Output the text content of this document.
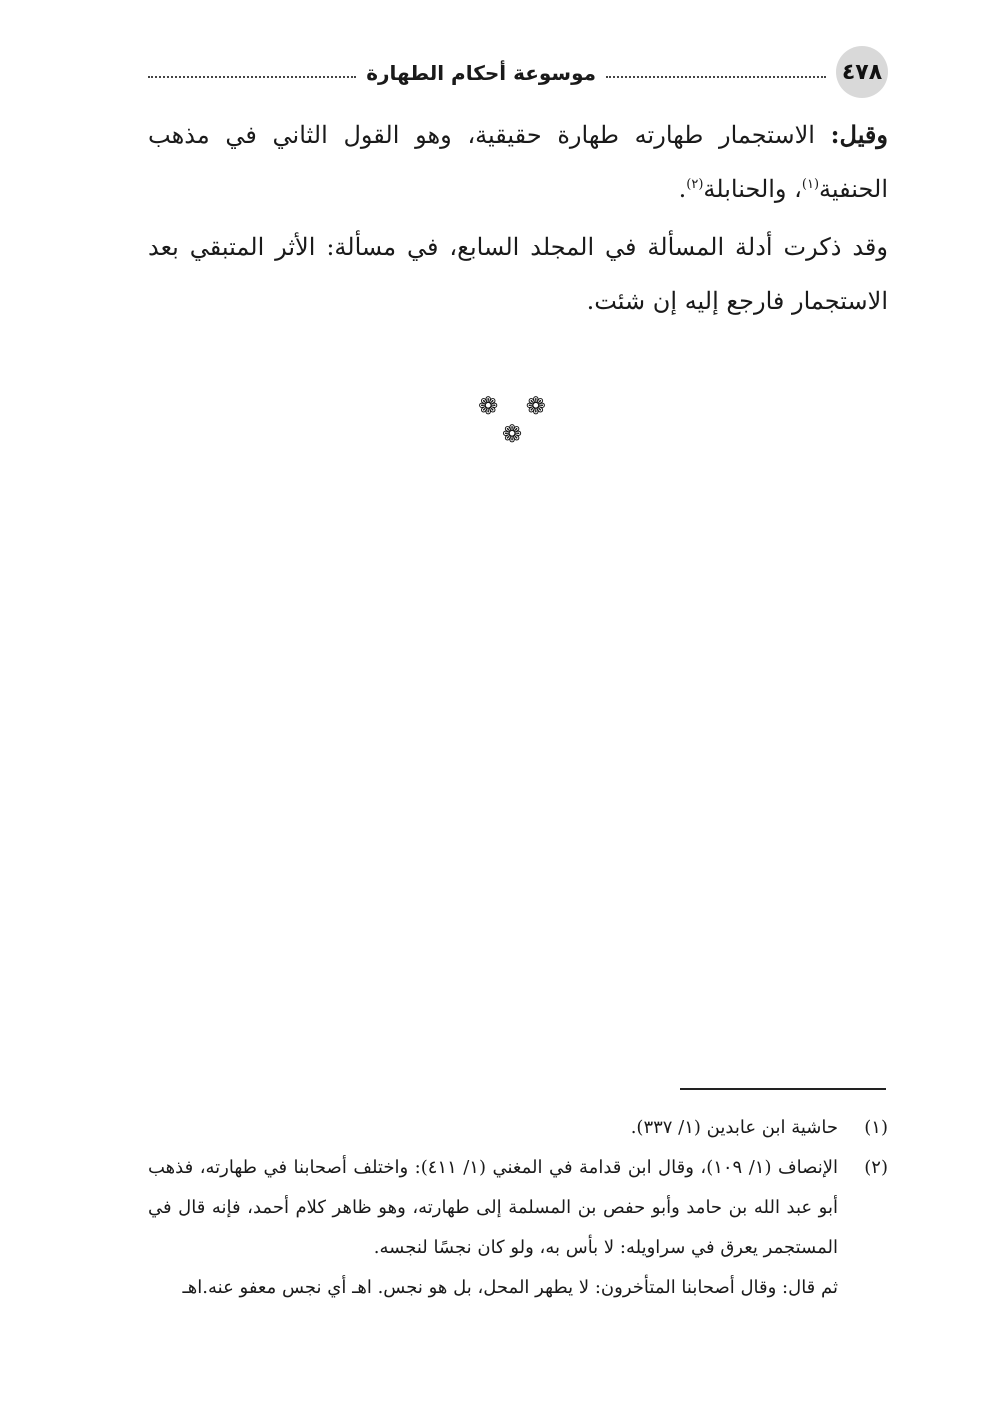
٤٧٨
موسوعة أحكام الطهارة

وقيل: الاستجمار طهارته طهارة حقيقية، وهو القول الثاني في مذهب الحنفية$^{(١)}$، والحنابلة$^{(٢)}$.

وقد ذكرت أدلة المسألة في المجلد السابع، في مسألة: الأثر المتبقي بعد الاستجمار فارجع إليه إن شئت.

❁ ❁ ❁
(١)
حاشية ابن عابدين (١/ ٣٣٧).
(٢)
الإنصاف (١/ ١٠٩)، وقال ابن قدامة في المغني (١/ ٤١١): واختلف أصحابنا في طهارته، فذهب أبو عبد الله بن حامد وأبو حفص بن المسلمة إلى طهارته، وهو ظاهر كلام أحمد، فإنه قال في المستجمر يعرق في سراويله: لا بأس به، ولو كان نجسًا لنجسه.
ثم قال: وقال أصحابنا المتأخرون: لا يطهر المحل، بل هو نجس. اهـ أي نجس معفو عنه.اهـ
